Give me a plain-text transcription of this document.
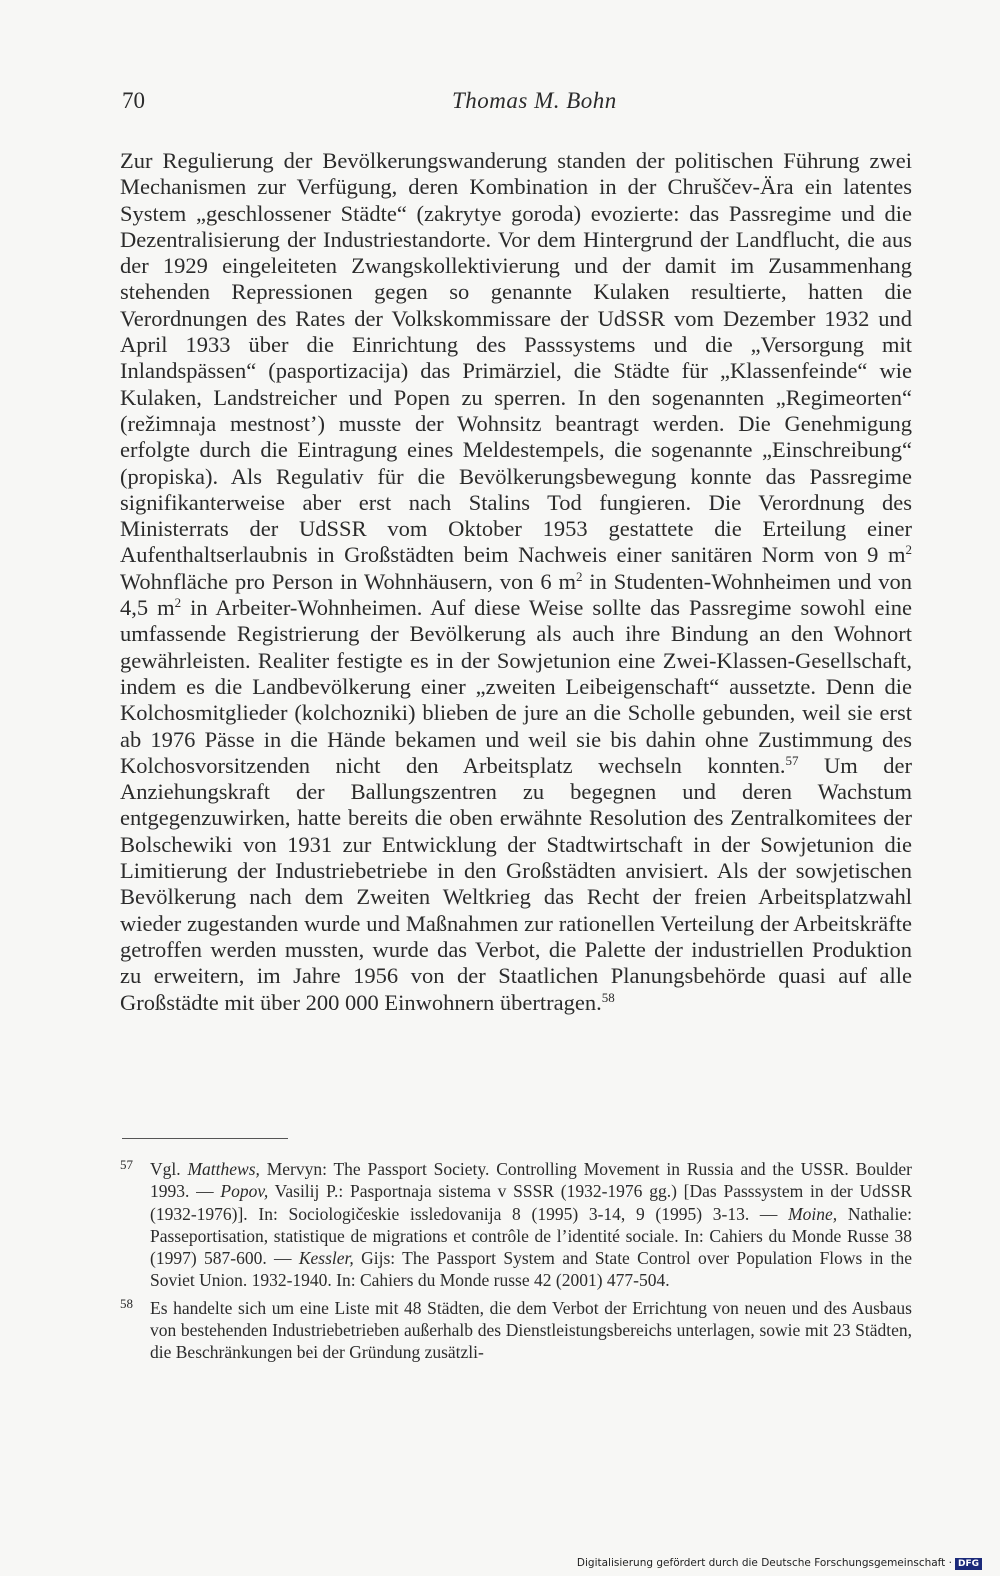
70	Thomas M. Bohn

Zur Regulierung der Bevölkerungswanderung standen der politischen Führung zwei Mechanismen zur Verfügung, deren Kombination in der Chruščev-Ära ein latentes System „geschlossener Städte“ (zakrytye goroda) evozierte: das Passregime und die Dezentralisierung der Industriestandorte. Vor dem Hintergrund der Landflucht, die aus der 1929 eingeleiteten Zwangskollektivierung und der damit im Zusammenhang stehenden Repressionen gegen so genannte Kulaken resultierte, hatten die Verordnungen des Rates der Volkskommissare der UdSSR vom Dezember 1932 und April 1933 über die Einrichtung des Passsystems und die „Versorgung mit Inlandspässen“ (pasportizacija) das Primärziel, die Städte für „Klassenfeinde“ wie Kulaken, Landstreicher und Popen zu sperren. In den sogenannten „Regimeorten“ (režimnaja mestnost’) musste der Wohnsitz beantragt werden. Die Genehmigung erfolgte durch die Eintragung eines Meldestempels, die sogenannte „Einschreibung“ (propiska). Als Regulativ für die Bevölkerungsbewegung konnte das Passregime signifikanterweise aber erst nach Stalins Tod fungieren. Die Verordnung des Ministerrats der UdSSR vom Oktober 1953 gestattete die Erteilung einer Aufenthaltserlaubnis in Großstädten beim Nachweis einer sanitären Norm von 9 $m^2$ Wohnfläche pro Person in Wohnhäusern, von 6 $m^2$ in Studenten-Wohnheimen und von 4,5 $m^2$ in Arbeiter-Wohnheimen. Auf diese Weise sollte das Passregime sowohl eine umfassende Registrierung der Bevölkerung als auch ihre Bindung an den Wohnort gewährleisten. Realiter festigte es in der Sowjetunion eine Zwei-Klassen-Gesellschaft, indem es die Landbevölkerung einer „zweiten Leibeigenschaft“ aussetzte. Denn die Kolchosmitglieder (kolchozniki) blieben de jure an die Scholle gebunden, weil sie erst ab 1976 Pässe in die Hände bekamen und weil sie bis dahin ohne Zustimmung des Kolchosvorsitzenden nicht den Arbeitsplatz wechseln konnten.$^{57}$ Um der Anziehungskraft der Ballungszentren zu begegnen und deren Wachstum entgegenzuwirken, hatte bereits die oben erwähnte Resolution des Zentralkomitees der Bolschewiki von 1931 zur Entwicklung der Stadtwirtschaft in der Sowjetunion die Limitierung der Industriebetriebe in den Großstädten anvisiert. Als der sowjetischen Bevölkerung nach dem Zweiten Weltkrieg das Recht der freien Arbeitsplatzwahl wieder zugestanden wurde und Maßnahmen zur rationellen Verteilung der Arbeitskräfte getroffen werden mussten, wurde das Verbot, die Palette der industriellen Produktion zu erweitern, im Jahre 1956 von der Staatlichen Planungsbehörde quasi auf alle Großstädte mit über 200 000 Einwohnern übertragen.$^{58}$

57 Vgl. Matthews, Mervyn: The Passport Society. Controlling Movement in Russia and the USSR. Boulder 1993. — Popov, Vasilij P.: Pasportnaja sistema v SSSR (1932-1976 gg.) [Das Passsystem in der UdSSR (1932-1976)]. In: Sociologičeskie issledovanija 8 (1995) 3-14, 9 (1995) 3-13. — Moine, Nathalie: Passeportisation, statistique de migrations et contrôle de l’identité sociale. In: Cahiers du Monde Russe 38 (1997) 587-600. — Kessler, Gijs: The Passport System and State Control over Population Flows in the Soviet Union. 1932-1940. In: Cahiers du Monde russe 42 (2001) 477-504.

58 Es handelte sich um eine Liste mit 48 Städten, die dem Verbot der Errichtung von neuen und des Ausbaus von bestehenden Industriebetrieben außerhalb des Dienstleistungsbereichs unterlagen, sowie mit 23 Städten, die Beschränkungen bei der Gründung zusätzli-

Digitalisierung gefördert durch die Deutsche Forschungsgemeinschaft · DFG
